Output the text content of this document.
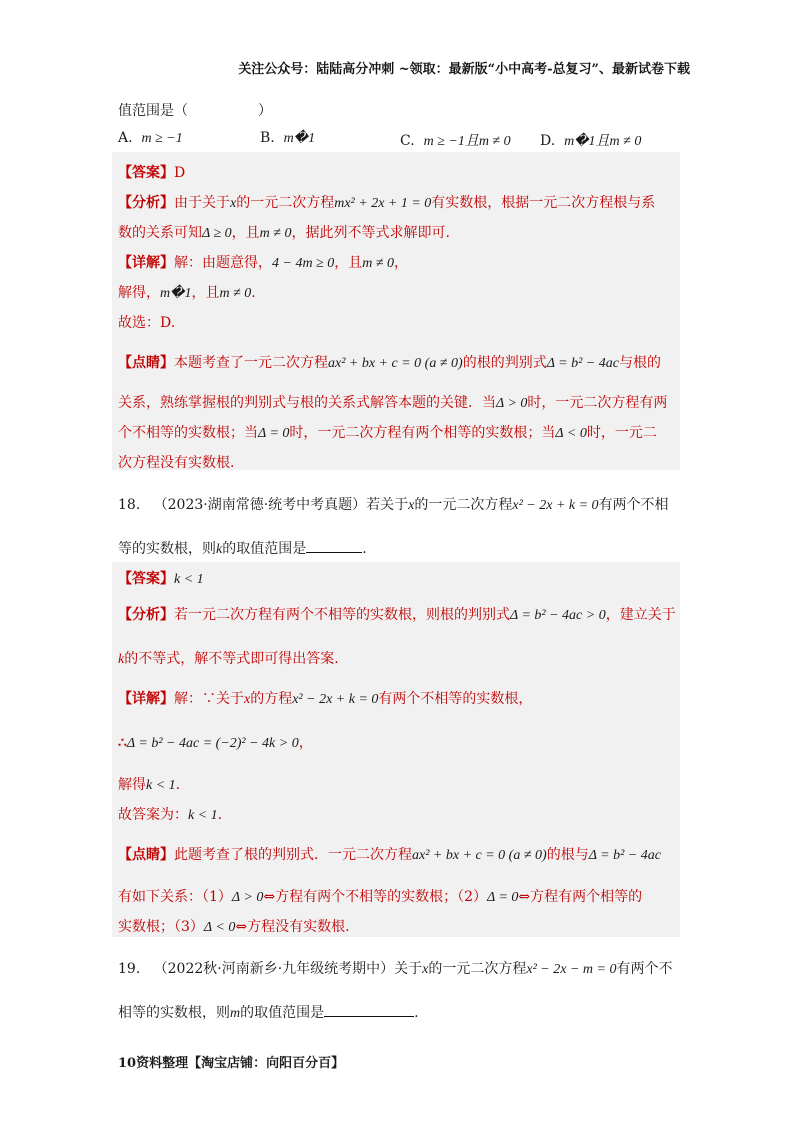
关注公众号：陆陆高分冲刺 ~领取：最新版“小中高考-总复习”、最新试卷下载
值范围是（　　　　　）
A. m ≥ −1	B. m�1	C. m ≥ −1且m ≠ 0 D. m�1且m ≠ 0
【答案】D
【分析】由于关于x的一元二次方程mx² + 2x + 1 = 0有实数根，根据一元二次方程根与系
数的关系可知Δ ≥ 0，且m ≠ 0，据此列不等式求解即可.
【详解】解：由题意得，4 − 4m ≥ 0，且m ≠ 0，
解得，m�1，且m ≠ 0.
故选：D.
【点睛】本题考查了一元二次方程ax² + bx + c = 0 (a ≠ 0)的根的判别式Δ = b² − 4ac与根的
关系，熟练掌握根的判别式与根的关系式解答本题的关键．当Δ > 0时，一元二次方程有两
个不相等的实数根；当Δ = 0时，一元二次方程有两个相等的实数根；当Δ < 0时，一元二
次方程没有实数根.
18. （2023·湖南常德·统考中考真题）若关于x的一元二次方程x² − 2x + k = 0有两个不相
等的实数根，则k的取值范围是	.
【答案】k < 1
【分析】若一元二次方程有两个不相等的实数根，则根的判别式Δ = b² − 4ac > 0，建立关于
k的不等式，解不等式即可得出答案.
【详解】解：∵关于x的方程x² − 2x + k = 0有两个不相等的实数根，
∴Δ = b² − 4ac = (−2)² − 4k > 0，
解得k < 1.
故答案为：k < 1.
【点睛】此题考查了根的判别式．一元二次方程ax² + bx + c = 0 (a ≠ 0)的根与Δ = b² − 4ac
有如下关系：（1）Δ > 0⇔方程有两个不相等的实数根；（2）Δ = 0⇔方程有两个相等的
实数根；（3）Δ < 0⇔方程没有实数根.
19. （2022秋·河南新乡·九年级统考期中）关于x的一元二次方程x² − 2x − m = 0有两个不
相等的实数根，则m的取值范围是	.
10资料整理【淘宝店铺：向阳百分百】
